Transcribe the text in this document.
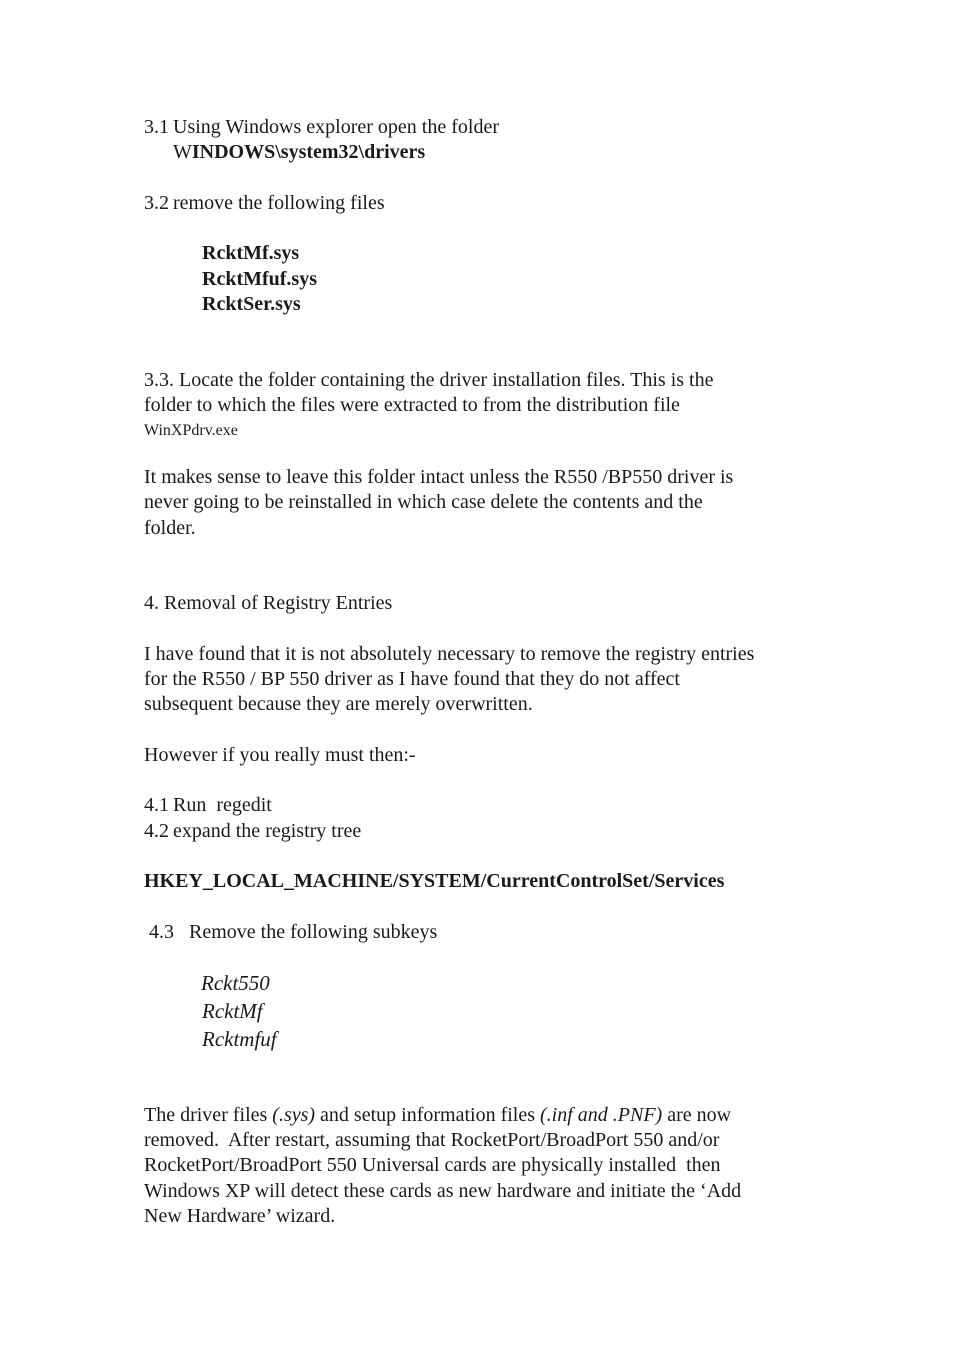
3.1 Using Windows explorer open the folder
WINDOWS\system32\drivers
3.2 remove the following files
RcktMf.sys
RcktMfuf.sys
RcktSer.sys
3.3. Locate the folder containing the driver installation files. This is the
folder to which the files were extracted to from the distribution file
WinXPdrv.exe
It makes sense to leave this folder intact unless the R550 /BP550 driver is
never going to be reinstalled in which case delete the contents and the
folder.
4. Removal of Registry Entries
I have found that it is not absolutely necessary to remove the registry entries
for the R550 / BP 550 driver as I have found that they do not affect
subsequent because they are merely overwritten.
However if you really must then:-
4.1 Run  regedit
4.2 expand the registry tree
HKEY_LOCAL_MACHINE/SYSTEM/CurrentControlSet/Services
4.3   Remove the following subkeys
Rckt550
RcktMf
Rcktmfuf
The driver files (.sys) and setup information files (.inf and .PNF) are now
removed.  After restart, assuming that RocketPort/BroadPort 550 and/or
RocketPort/BroadPort 550 Universal cards are physically installed  then
Windows XP will detect these cards as new hardware and initiate the ‘Add
New Hardware’ wizard.
